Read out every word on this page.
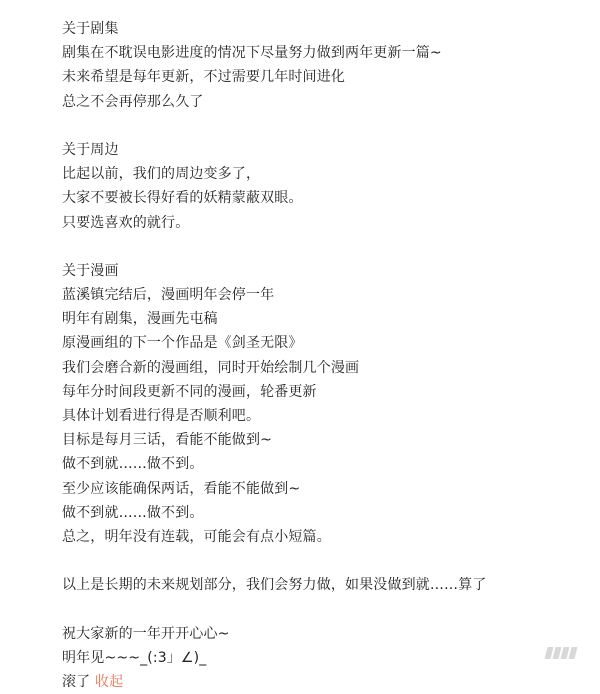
关于剧集
剧集在不耽误电影进度的情况下尽量努力做到两年更新一篇~
未来希望是每年更新，不过需要几年时间进化
总之不会再停那么久了
关于周边
比起以前，我们的周边变多了，
大家不要被长得好看的妖精蒙蔽双眼。
只要选喜欢的就行。
关于漫画
蓝溪镇完结后，漫画明年会停一年
明年有剧集，漫画先屯稿
原漫画组的下一个作品是《剑圣无限》
我们会磨合新的漫画组，同时开始绘制几个漫画
每年分时间段更新不同的漫画，轮番更新
具体计划看进行得是否顺利吧。
目标是每月三话，看能不能做到~
做不到就……做不到。
至少应该能确保两话，看能不能做到~
做不到就……做不到。
总之，明年没有连载，可能会有点小短篇。
以上是长期的未来规划部分，我们会努力做，如果没做到就……算了
祝大家新的一年开开心心~
明年见~~~_(:3」∠)_
滚了 收起
